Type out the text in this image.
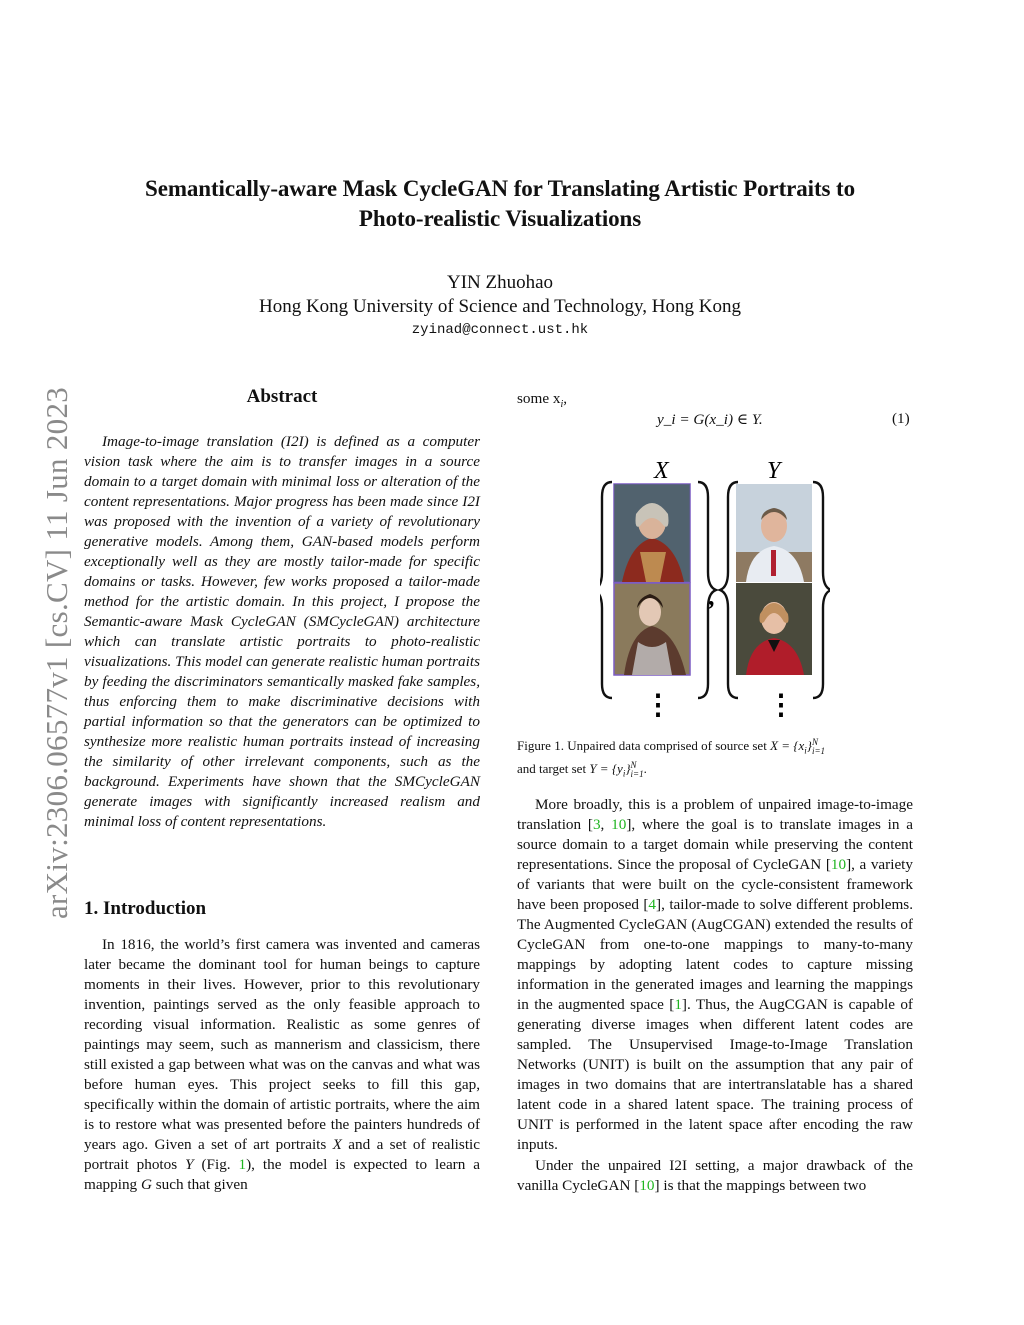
Semantically-aware Mask CycleGAN for Translating Artistic Portraits to
Photo-realistic Visualizations
YIN Zhuohao
Hong Kong University of Science and Technology, Hong Kong
zyinad@connect.ust.hk
arXiv:2306.06577v1 [cs.CV] 11 Jun 2023	Abstract
Image-to-image translation (I2I) is defined as a computer vision task where the aim is to transfer images in a source domain to a target domain with minimal loss or alteration of the content representations. Major progress has been made since I2I was proposed with the invention of a variety of revolutionary generative models. Among them, GAN-based models perform exceptionally well as they are mostly tailor-made for specific domains or tasks. However, few works proposed a tailor-made method for the artistic domain. In this project, I propose the Semantic-aware Mask CycleGAN (SMCycleGAN) architecture which can translate artistic portraits to photo-realistic visualizations. This model can generate realistic human portraits by feeding the discriminators semantically masked fake samples, thus enforcing them to make discriminative decisions with partial information so that the generators can be optimized to synthesize more realistic human portraits instead of increasing the similarity of other irrelevant components, such as the background. Experiments have shown that the SMCycleGAN generate images with significantly increased realism and minimal loss of content representations.
1. Introduction
In 1816, the world’s first camera was invented and cameras later became the dominant tool for human beings to capture moments in their lives. However, prior to this revolutionary invention, paintings served as the only feasible approach to recording visual information. Realistic as some genres of paintings may seem, such as mannerism and classicism, there still existed a gap between what was on the canvas and what was before human eyes. This project seeks to fill this gap, specifically within the domain of artistic portraits, where the aim is to restore what was presented before the painters hundreds of years ago. Given a set of art portraits X and a set of realistic portrait photos Y (Fig. 1), the model is expected to learn a mapping G such that given
some $x_i$,
y_i = G(x_i) ∈ Y.	(1)
X	Y
,
⋮	⋮
Figure 1. Unpaired data comprised of source set $X = \{x_i\}$ N
i=1

and target set $Y = \{y_i\}$ N
i=1 .
More broadly, this is a problem of unpaired image-to-image translation [3, 10], where the goal is to translate images in a source domain to a target domain while preserving the content representations. Since the proposal of CycleGAN [10], a variety of variants that were built on the cycle-consistent framework have been proposed [4], tailor-made to solve different problems. The Augmented CycleGAN (AugCGAN) extended the results of CycleGAN from one-to-one mappings to many-to-many mappings by adopting latent codes to capture missing information in the generated images and learning the mappings in the augmented space [1]. Thus, the AugCGAN is capable of generating diverse images when different latent codes are sampled. The Unsupervised Image-to-Image Translation Networks (UNIT) is built on the assumption that any pair of images in two domains that are intertranslatable has a shared latent code in a shared latent space. The training process of UNIT is performed in the latent space after encoding the raw inputs.
Under the unpaired I2I setting, a major drawback of the vanilla CycleGAN [10] is that the mappings between two
